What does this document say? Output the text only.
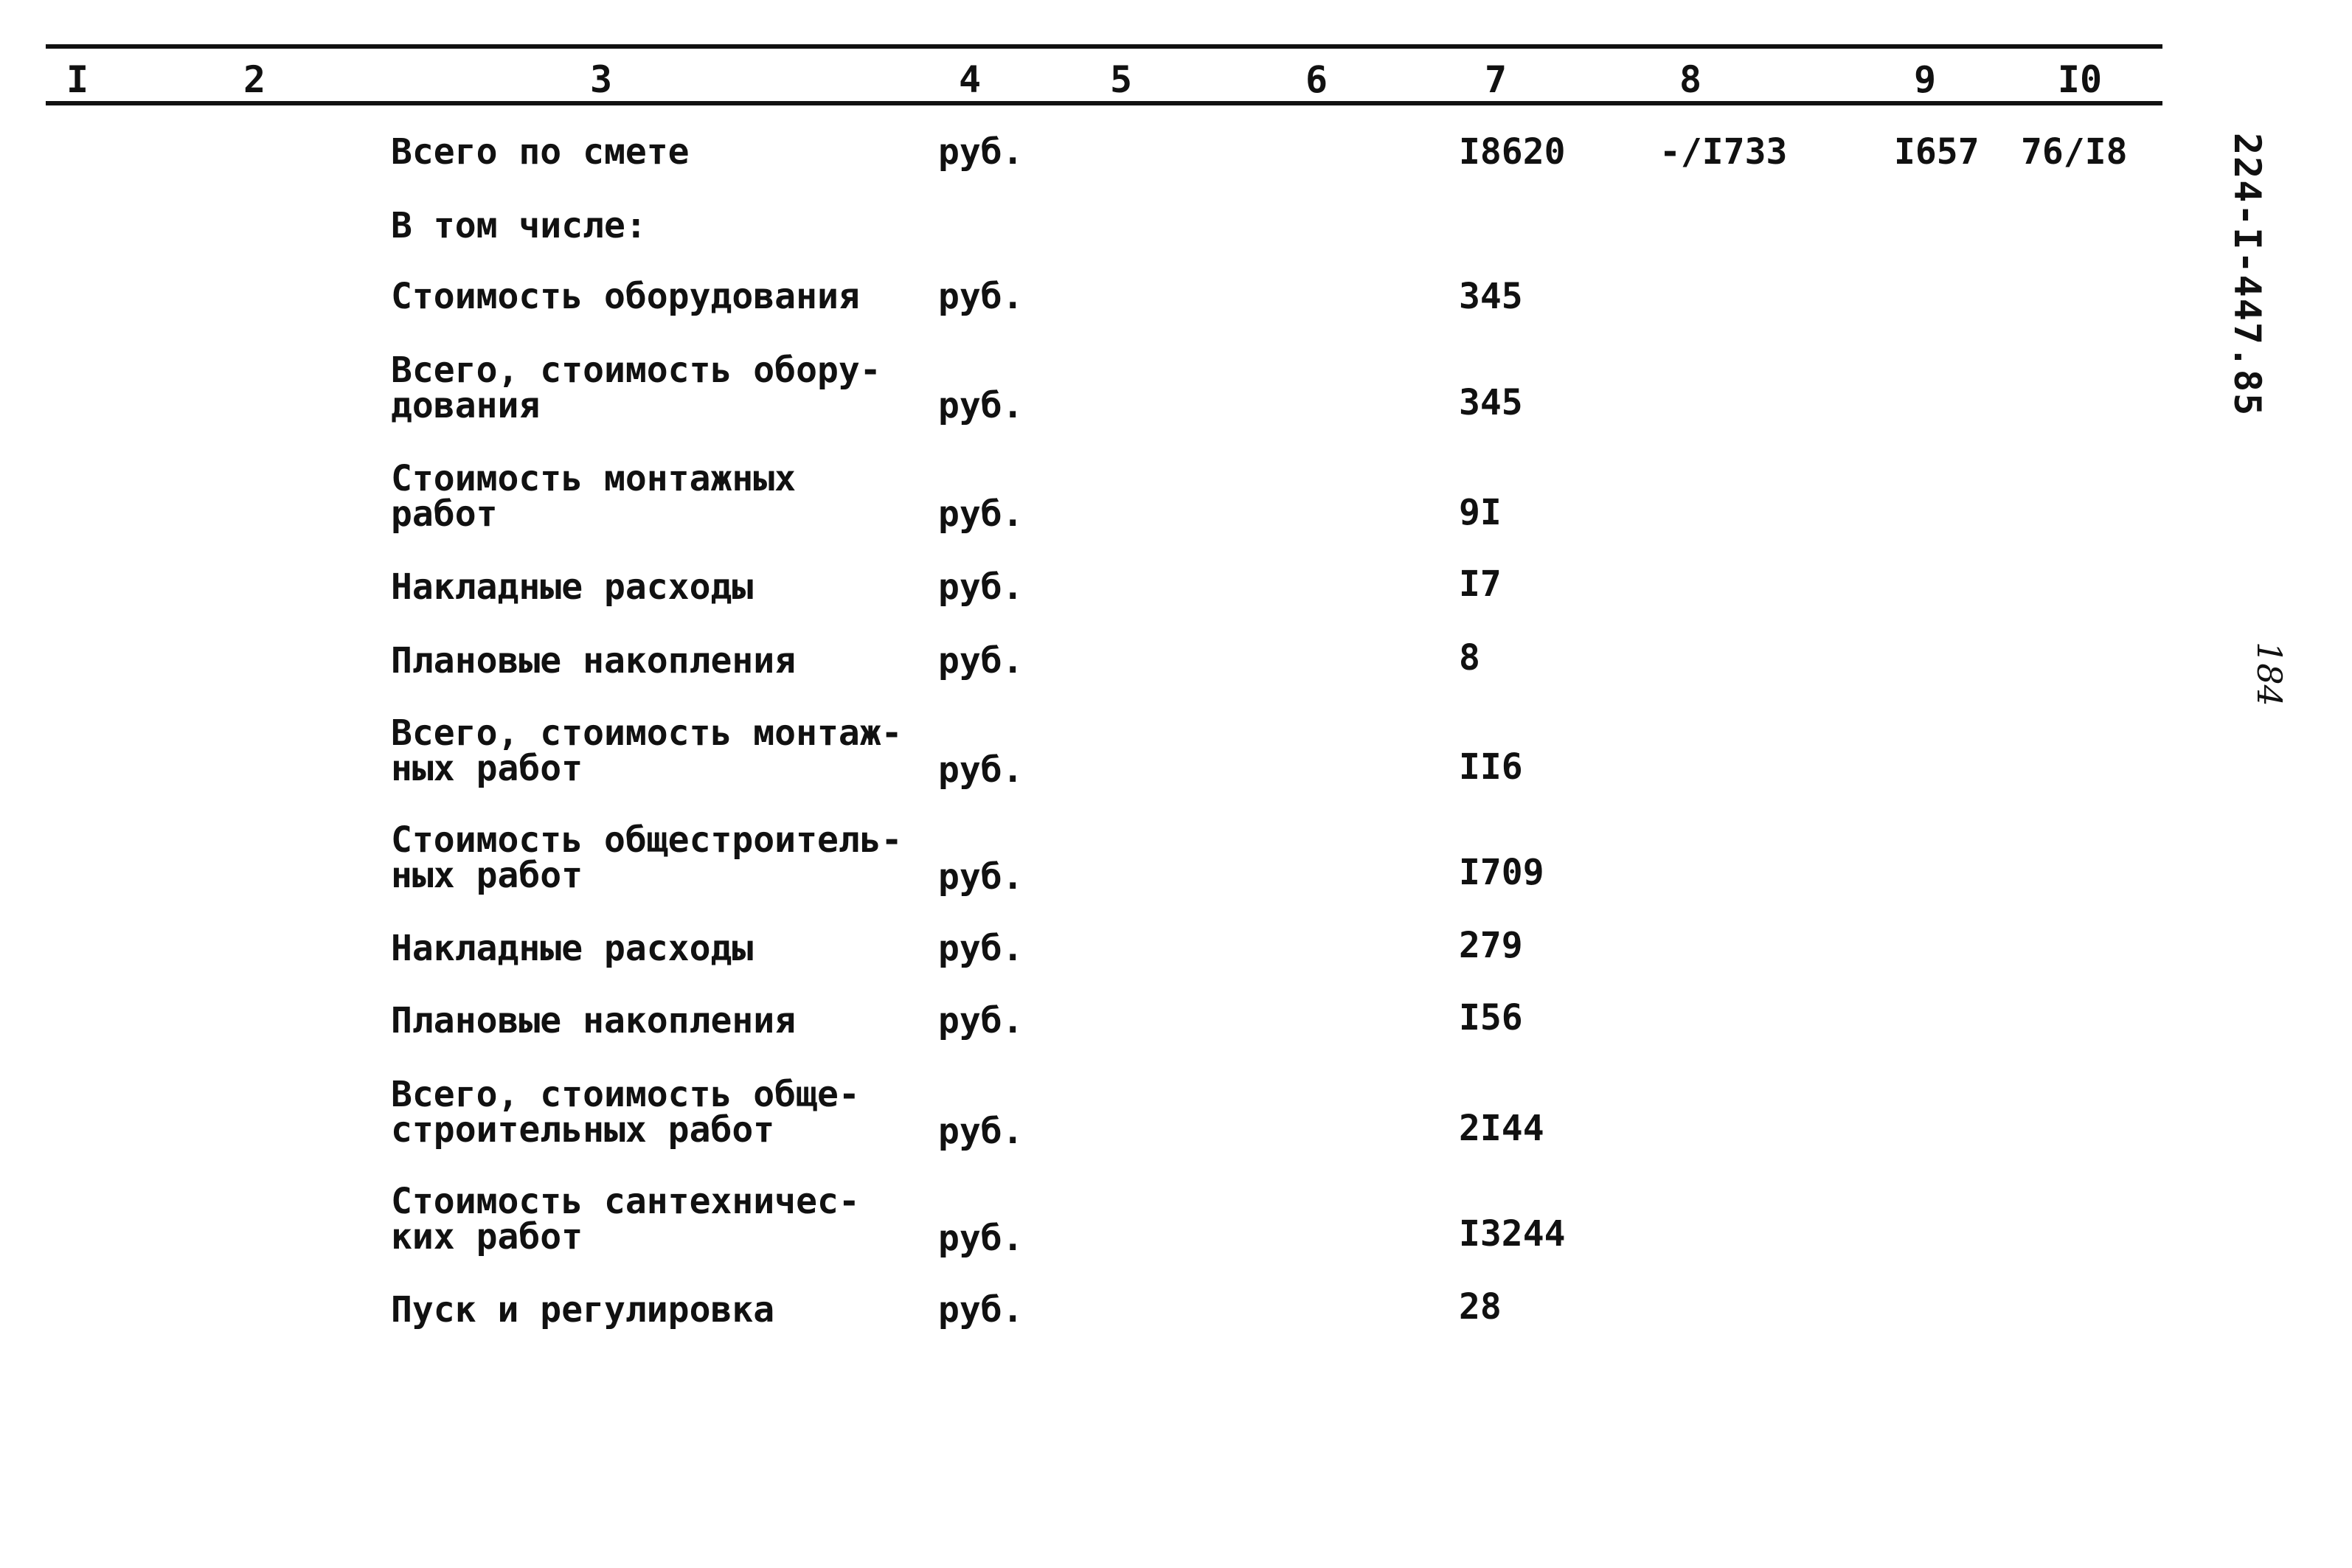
I	2	3	4	5	6	7	8	9	I0
Всего по смете	руб.	I8620	-/I733	I657 76/I8
В том числе:
Стоимость оборудования руб.	345
Всего, стоимость обору-
дования	руб.	345
Стоимость монтажных
работ	руб.	9I
Накладные расходы	руб.	I7
Плановые накопления	руб.	8
Всего, стоимость монтаж-
ных работ	руб.	II6
Стоимость общестроитель-
ных работ	руб.	I709
Накладные расходы	руб.	279
Плановые накопления	руб.	I56
Всего, стоимость обще-
строительных работ	руб.	2I44
Стоимость сантехничес-
ких работ	руб.	I3244
Пуск и регулировка	руб.	28
224-I-447.85
184
